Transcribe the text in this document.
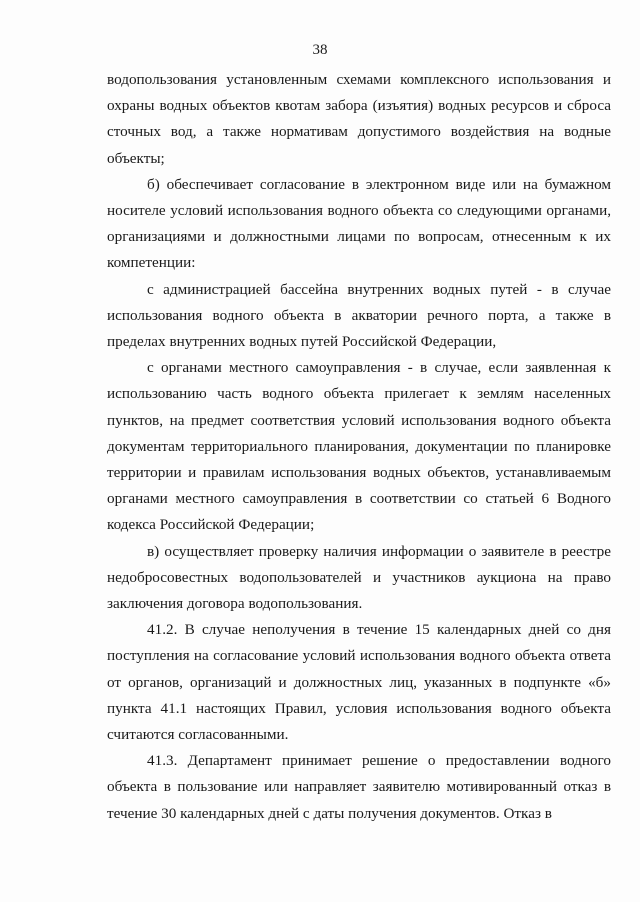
38

водопользования установленным схемами комплексного использования и охраны водных объектов квотам забора (изъятия) водных ресурсов и сброса сточных вод, а также нормативам допустимого воздействия на водные объекты;

б) обеспечивает согласование в электронном виде или на бумажном носителе условий использования водного объекта со следующими органами, организациями и должностными лицами по вопросам, отнесенным к их компетенции:

с администрацией бассейна внутренних водных путей - в случае использования водного объекта в акватории речного порта, а также в пределах внутренних водных путей Российской Федерации,

с органами местного самоуправления - в случае, если заявленная к использованию часть водного объекта прилегает к землям населенных пунктов, на предмет соответствия условий использования водного объекта документам территориального планирования, документации по планировке территории и правилам использования водных объектов, устанавливаемым органами местного самоуправления в соответствии со статьей 6 Водного кодекса Российской Федерации;

в) осуществляет проверку наличия информации о заявителе в реестре недобросовестных водопользователей и участников аукциона на право заключения договора водопользования.

41.2. В случае неполучения в течение 15 календарных дней со дня поступления на согласование условий использования водного объекта ответа от органов, организаций и должностных лиц, указанных в подпункте «б» пункта 41.1 настоящих Правил, условия использования водного объекта считаются согласованными.

41.3. Департамент принимает решение о предоставлении водного объекта в пользование или направляет заявителю мотивированный отказ в течение 30 календарных дней с даты получения документов. Отказ в
